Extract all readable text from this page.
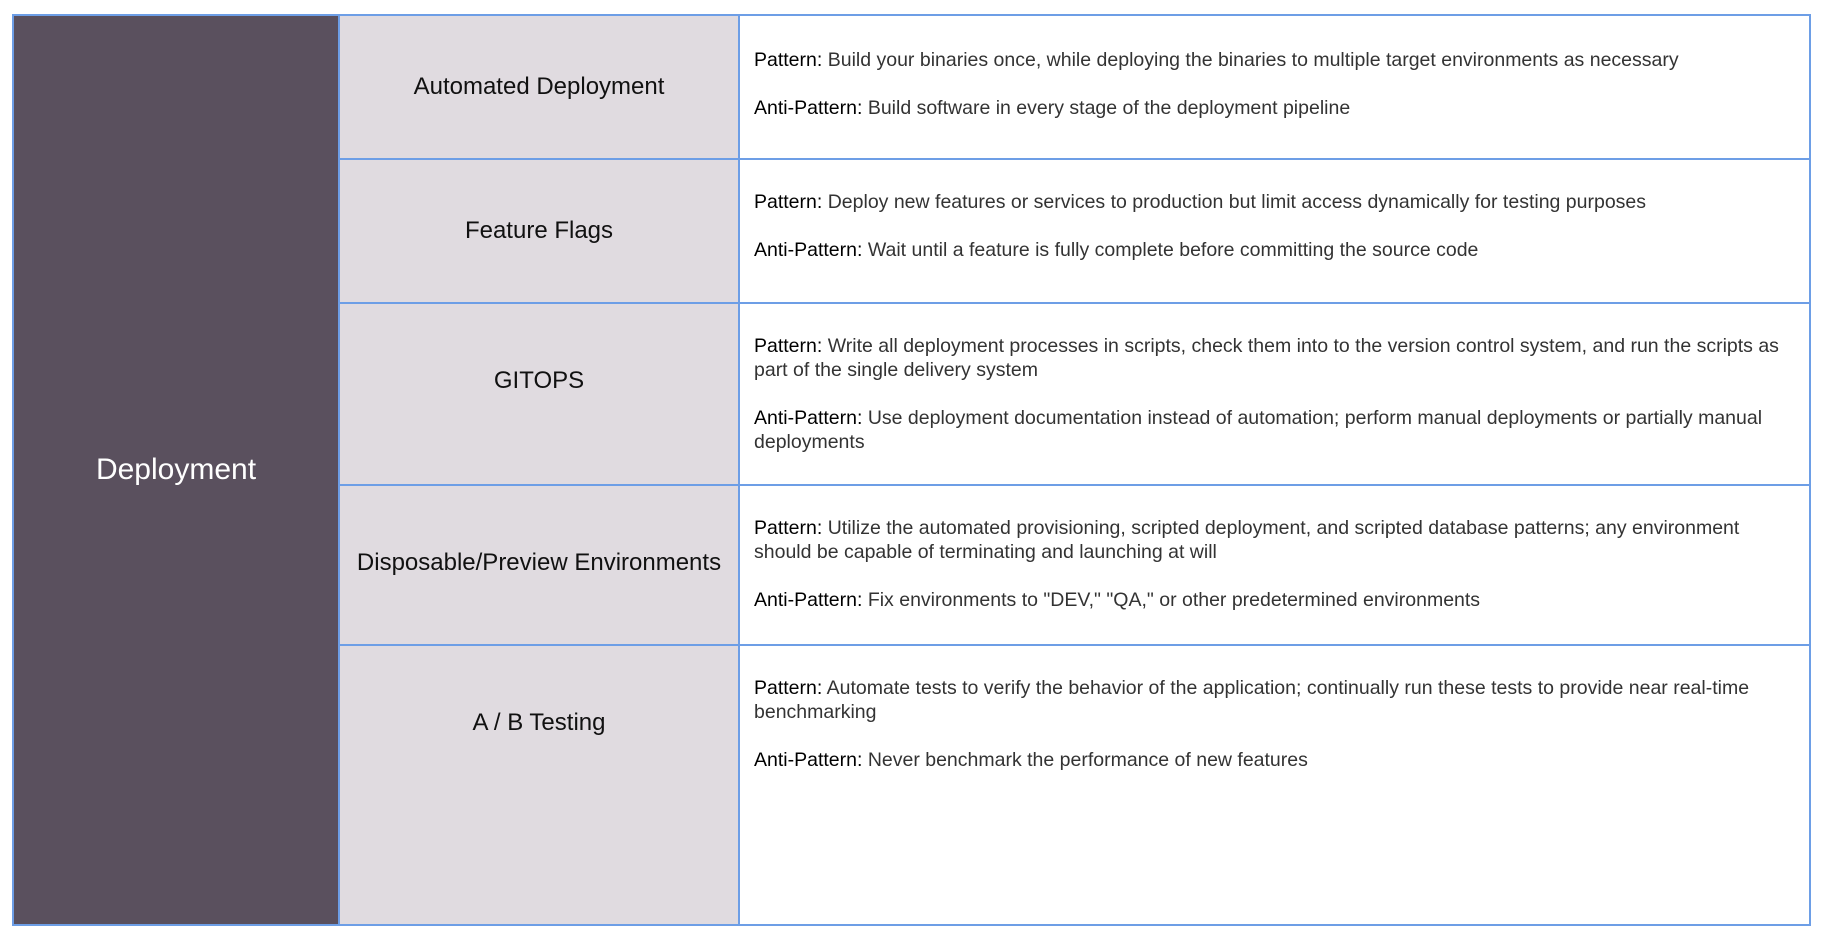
Deployment
Automated Deployment

Pattern: Build your binaries once, while deploying the binaries to multiple target environments as necessary

Anti-Pattern: Build software in every stage of the deployment pipeline

Feature Flags

Pattern: Deploy new features or services to production but limit access dynamically for testing purposes

Anti-Pattern: Wait until a feature is fully complete before committing the source code

GITOPS

Pattern: Write all deployment processes in scripts, check them into to the version control system, and run the scripts as part of the single delivery system

Anti-Pattern: Use deployment documentation instead of automation; perform manual deployments or partially manual deployments

Disposable/Preview Environments

Pattern: Utilize the automated provisioning, scripted deployment, and scripted database patterns; any environment should be capable of terminating and launching at will

Anti-Pattern: Fix environments to "DEV," "QA," or other predetermined environments

A / B Testing

Pattern: Automate tests to verify the behavior of the application; continually run these tests to provide near real-time benchmarking

Anti-Pattern: Never benchmark the performance of new features
